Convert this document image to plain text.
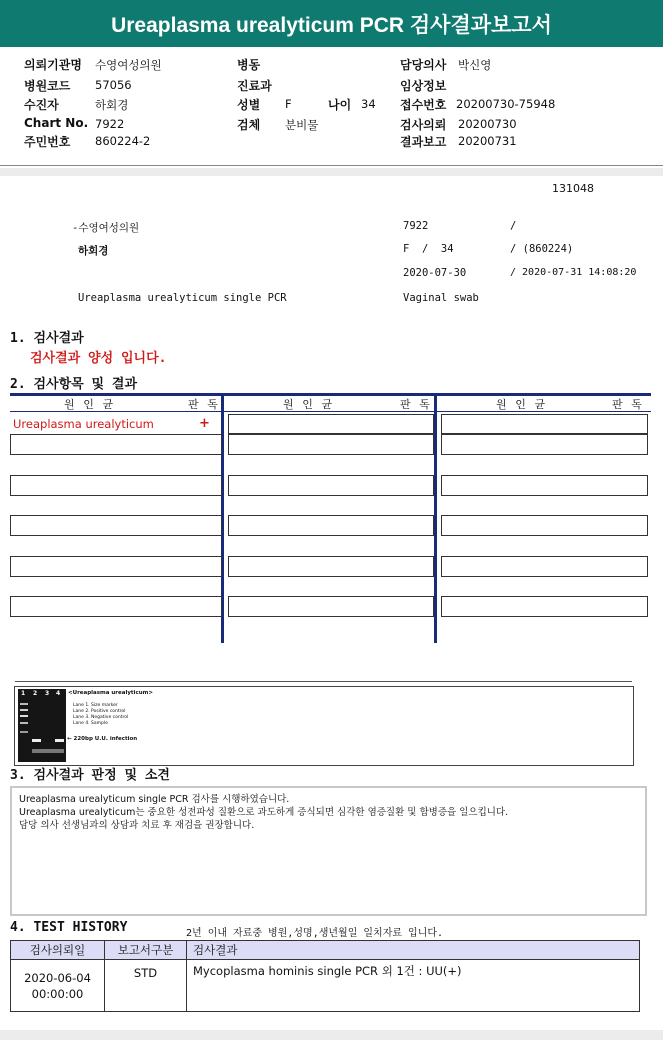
Ureaplasma urealyticum PCR 검사결과보고서
의뢰기관명 수영여성의원	병동	담당의사 박신영
병원코드 57056	진료과	임상정보
수진자	하회경	성별 F	나이 34 접수번호 20200730-75948
Chart No. 7922	검체 분비물	검사의뢰 20200730
주민번호 860224-2	결과보고 20200731
131048
-수영여성의원	7922	/
하회경	F  /  34	/ (860224)
2020-07-30	/ 2020-07-31 14:08:20
Ureaplasma urealyticum single PCR	Vaginal swab
1. 검사결과
검사결과 양성 입니다.
2. 검사항목 및 결과
원 인 균	판 독	원 인 균	판 독	원 인 균	판 독
Ureaplasma urealyticum	+
1 2 3 4 <Ureaplasma urealyticum>
Lane 1. Size marker
Lane 2. Positive control
Lane 3. Negative control
Lane 4. Sample
← 220bp U.U. infection
3. 검사결과 판정 및 소견
Ureaplasma urealyticum single PCR 검사를 시행하였습니다.
Ureaplasma urealyticum는 중요한 성전파성 질환으로 과도하게 증식되면 심각한 염증질환 및 합병증을 일으킵니다.
담당 의사 선생님과의 상담과 치료 후 재검을 권장합니다.
4. TEST HISTORY	2년 이내 자료중 병원,성명,생년월일 일치자료 입니다.
검사의뢰일	보고서구분	검사결과

2020-06-04
00:00:00	STD	Mycoplasma hominis single PCR 외 1건 : UU(+)
